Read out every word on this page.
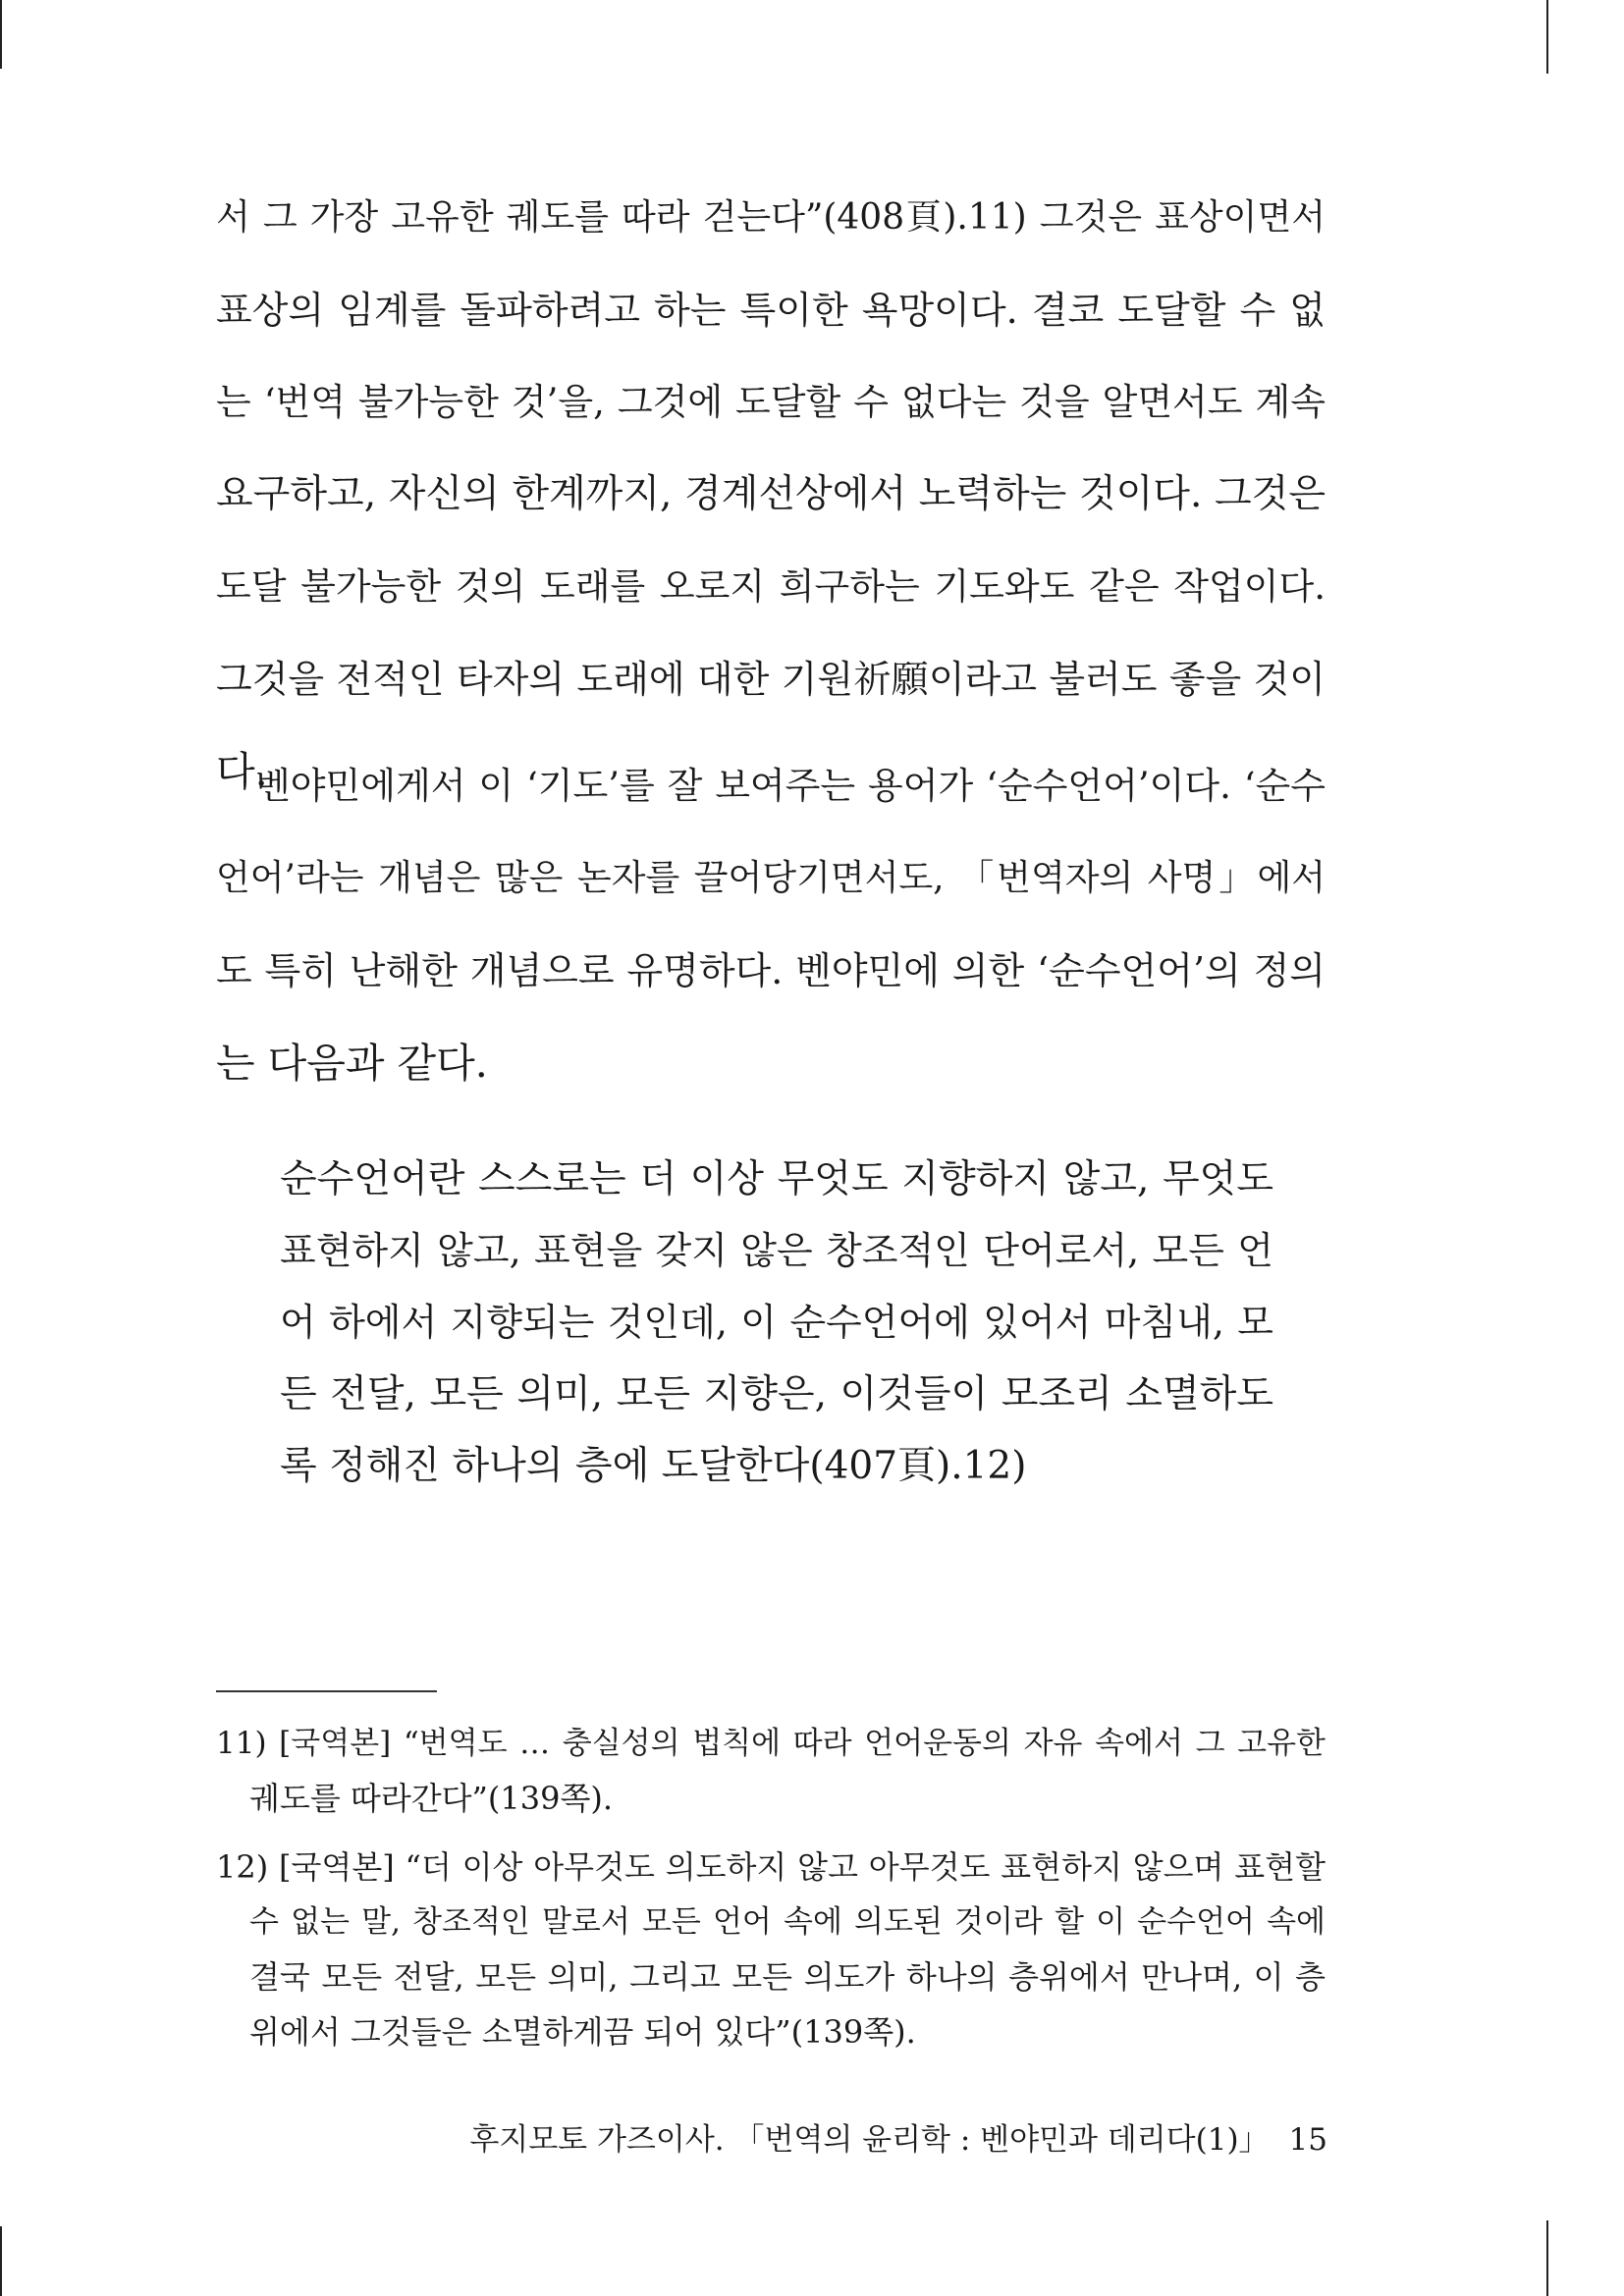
서 그 가장 고유한 궤도를 따라 걷는다”(408頁).11) 그것은 표상이면서
표상의 임계를 돌파하려고 하는 특이한 욕망이다. 결코 도달할 수 없
는 ‘번역 불가능한 것’을, 그것에 도달할 수 없다는 것을 알면서도 계속
요구하고, 자신의 한계까지, 경계선상에서 노력하는 것이다. 그것은
도달 불가능한 것의 도래를 오로지 희구하는 기도와도 같은 작업이다.
그것을 전적인 타자의 도래에 대한 기원祈願이라고 불러도 좋을 것이
다.
벤야민에게서 이 ‘기도’를 잘 보여주는 용어가 ‘순수언어’이다. ‘순수
언어’라는 개념은 많은 논자를 끌어당기면서도, 「번역자의 사명」에서
도 특히 난해한 개념으로 유명하다. 벤야민에 의한 ‘순수언어’의 정의
는 다음과 같다.
순수언어란 스스로는 더 이상 무엇도 지향하지 않고, 무엇도
표현하지 않고, 표현을 갖지 않은 창조적인 단어로서, 모든 언
어 하에서 지향되는 것인데, 이 순수언어에 있어서 마침내, 모
든 전달, 모든 의미, 모든 지향은, 이것들이 모조리 소멸하도
록 정해진 하나의 층에 도달한다(407頁).12)
11) [국역본] “번역도 … 충실성의 법칙에 따라 언어운동의 자유 속에서 그 고유한
궤도를 따라간다”(139쪽).
12) [국역본] “더 이상 아무것도 의도하지 않고 아무것도 표현하지 않으며 표현할
수 없는 말, 창조적인 말로서 모든 언어 속에 의도된 것이라 할 이 순수언어 속에
결국 모든 전달, 모든 의미, 그리고 모든 의도가 하나의 층위에서 만나며, 이 층
위에서 그것들은 소멸하게끔 되어 있다”(139쪽).
후지모토 가즈이사. 「번역의 윤리학 : 벤야민과 데리다(1)」 15
